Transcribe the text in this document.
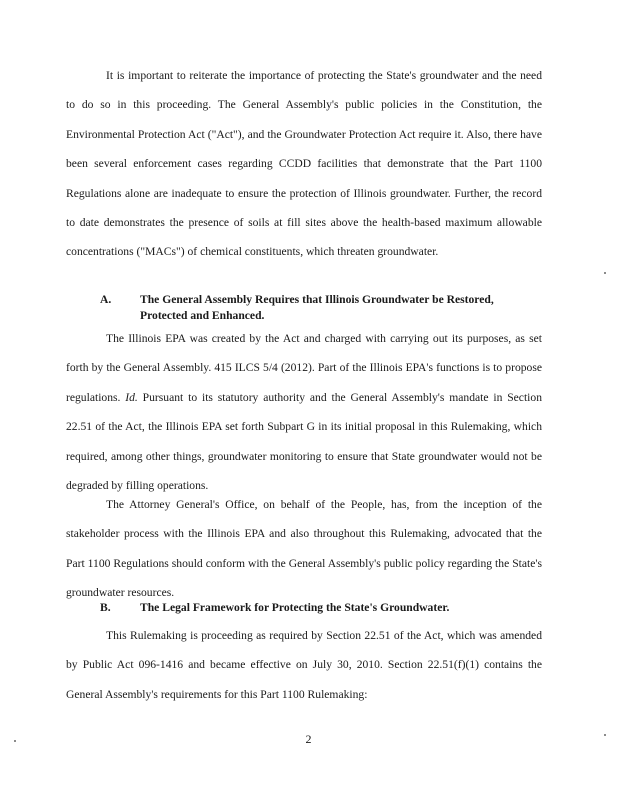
It is important to reiterate the importance of protecting the State's groundwater and the need to do so in this proceeding. The General Assembly's public policies in the Constitution, the Environmental Protection Act ("Act"), and the Groundwater Protection Act require it. Also, there have been several enforcement cases regarding CCDD facilities that demonstrate that the Part 1100 Regulations alone are inadequate to ensure the protection of Illinois groundwater. Further, the record to date demonstrates the presence of soils at fill sites above the health-based maximum allowable concentrations ("MACs") of chemical constituents, which threaten groundwater.

A. The General Assembly Requires that Illinois Groundwater be Restored,
Protected and Enhanced.

The Illinois EPA was created by the Act and charged with carrying out its purposes, as set forth by the General Assembly. 415 ILCS 5/4 (2012). Part of the Illinois EPA's functions is to propose regulations. Id. Pursuant to its statutory authority and the General Assembly's mandate in Section 22.51 of the Act, the Illinois EPA set forth Subpart G in its initial proposal in this Rulemaking, which required, among other things, groundwater monitoring to ensure that State groundwater would not be degraded by filling operations.

The Attorney General's Office, on behalf of the People, has, from the inception of the stakeholder process with the Illinois EPA and also throughout this Rulemaking, advocated that the Part 1100 Regulations should conform with the General Assembly's public policy regarding the State's groundwater resources.

B.	The Legal Framework for Protecting the State's Groundwater.

This Rulemaking is proceeding as required by Section 22.51 of the Act, which was amended by Public Act 096-1416 and became effective on July 30, 2010. Section 22.51(f)(1) contains the General Assembly's requirements for this Part 1100 Rulemaking:

2
